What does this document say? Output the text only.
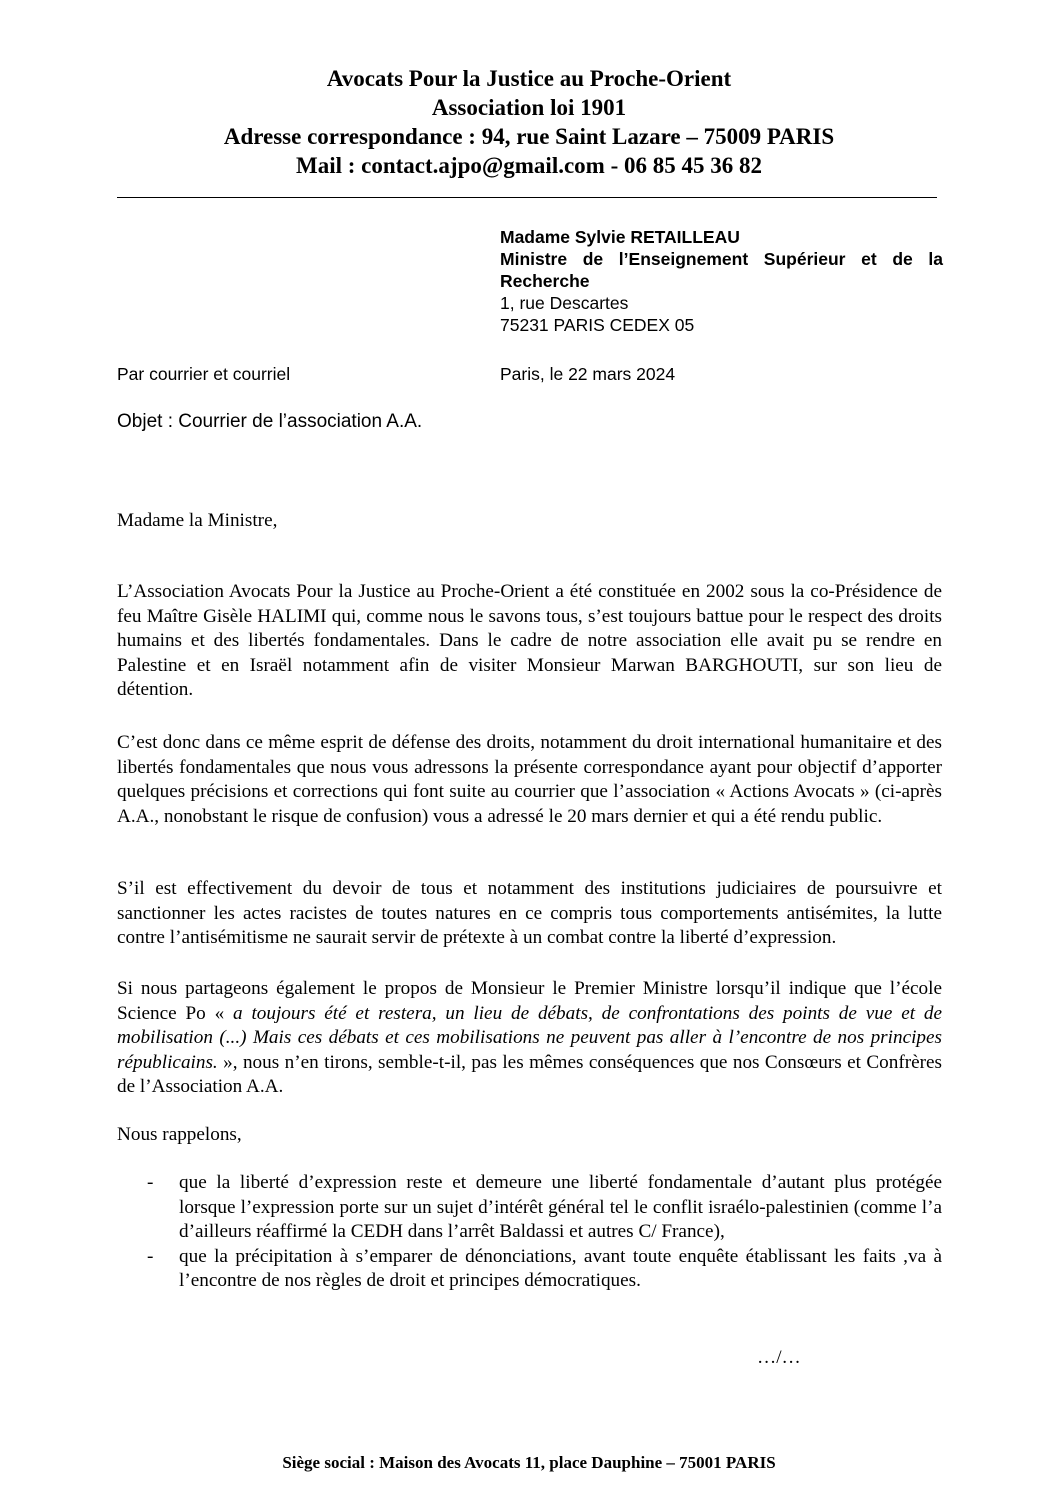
Avocats Pour la Justice au Proche-Orient
Association loi 1901
Adresse correspondance : 94, rue Saint Lazare – 75009 PARIS
Mail : contact.ajpo@gmail.com - 06 85 45 36 82
Madame Sylvie RETAILLEAU
Ministre de l’Enseignement Supérieur et de la Recherche
1, rue Descartes
75231 PARIS CEDEX 05
Par courrier et courriel	Paris, le 22 mars 2024
Objet : Courrier de l’association A.A.
Madame la Ministre,
L’Association Avocats Pour la Justice au Proche-Orient a été constituée en 2002 sous la co-Présidence de feu Maître Gisèle HALIMI qui, comme nous le savons tous, s’est toujours battue pour le respect des droits humains et des libertés fondamentales. Dans le cadre de notre association elle avait pu se rendre en Palestine et en Israël notamment afin de visiter Monsieur Marwan BARGHOUTI, sur son lieu de détention.
C’est donc dans ce même esprit de défense des droits, notamment du droit international humanitaire et des libertés fondamentales que nous vous adressons la présente correspondance ayant pour objectif d’apporter quelques précisions et corrections qui font suite au courrier que l’association « Actions Avocats » (ci-après A.A., nonobstant le risque de confusion) vous a adressé le 20 mars dernier et qui a été rendu public.
S’il est effectivement du devoir de tous et notamment des institutions judiciaires de poursuivre et sanctionner les actes racistes de toutes natures en ce compris tous comportements antisémites, la lutte contre l’antisémitisme ne saurait servir de prétexte à un combat contre la liberté d’expression.
Si nous partageons également le propos de Monsieur le Premier Ministre lorsqu’il indique que l’école Science Po « a toujours été et restera, un lieu de débats, de confrontations des points de vue et de mobilisation (...) Mais ces débats et ces mobilisations ne peuvent pas aller à l’encontre de nos principes républicains. », nous n’en tirons, semble-t-il, pas les mêmes conséquences que nos Consœurs et Confrères de l’Association A.A.
Nous rappelons,
- que la liberté d’expression reste et demeure une liberté fondamentale d’autant plus protégée lorsque l’expression porte sur un sujet d’intérêt général tel le conflit israélo-palestinien (comme l’a d’ailleurs réaffirmé la CEDH dans l’arrêt Baldassi et autres C/ France),
- que la précipitation à s’emparer de dénonciations, avant toute enquête établissant les faits ,va à l’encontre de nos règles de droit et principes démocratiques.
…/…
Siège social : Maison des Avocats 11, place Dauphine – 75001 PARIS
